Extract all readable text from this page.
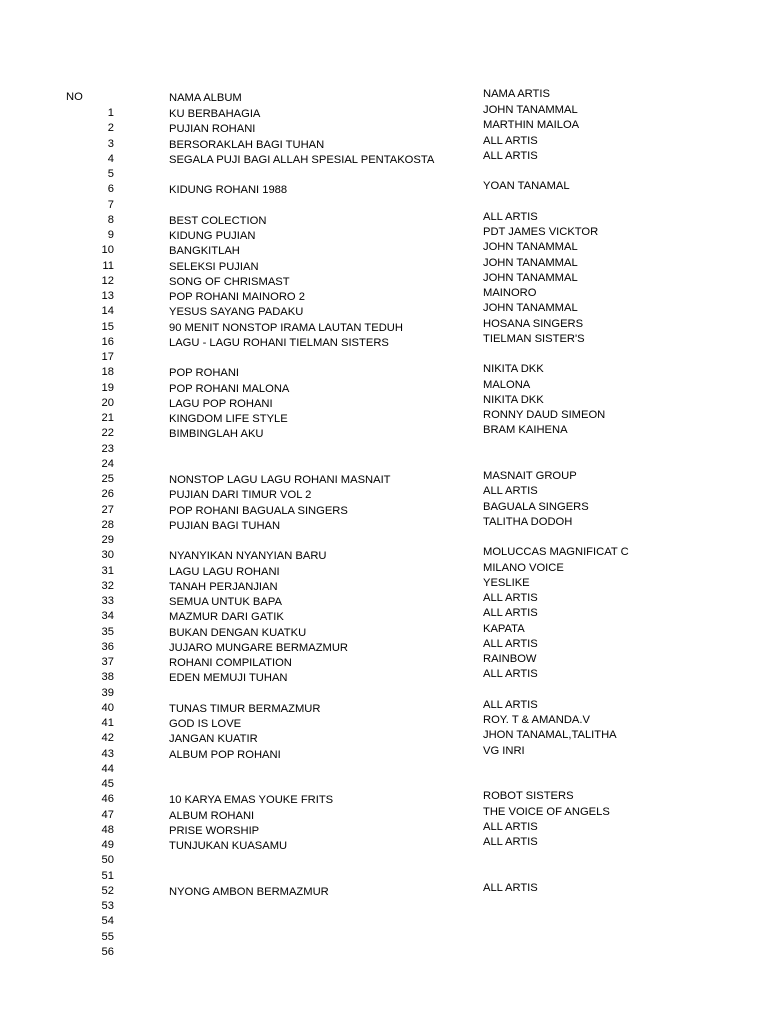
NO	NAMA ALBUM	NAMA ARTIS
1	KU BERBAHAGIA	JOHN TANAMMAL
2	PUJIAN ROHANI	MARTHIN MAILOA
3	BERSORAKLAH BAGI TUHAN	ALL ARTIS
4	SEGALA PUJI BAGI ALLAH SPESIAL PENTAKOSTA	ALL ARTIS
5
6	KIDUNG ROHANI 1988	YOAN TANAMAL
7
8	BEST COLECTION	ALL ARTIS
9	KIDUNG PUJIAN	PDT JAMES VICKTOR
10	BANGKITLAH	JOHN TANAMMAL
11	SELEKSI PUJIAN	JOHN TANAMMAL
12	SONG OF CHRISMAST	JOHN TANAMMAL
13	POP ROHANI MAINORO 2	MAINORO
14	YESUS SAYANG PADAKU	JOHN TANAMMAL
15	90 MENIT NONSTOP IRAMA LAUTAN TEDUH	HOSANA SINGERS
16	LAGU - LAGU ROHANI TIELMAN SISTERS	TIELMAN SISTER'S
17
18	POP ROHANI	NIKITA DKK
19	POP ROHANI MALONA	MALONA
20	LAGU POP ROHANI	NIKITA DKK
21	KINGDOM LIFE STYLE	RONNY DAUD SIMEON
22	BIMBINGLAH AKU	BRAM KAIHENA
23
24
25	NONSTOP LAGU LAGU ROHANI MASNAIT	MASNAIT GROUP
26	PUJIAN DARI TIMUR VOL 2	ALL ARTIS
27	POP ROHANI BAGUALA SINGERS	BAGUALA SINGERS
28	PUJIAN BAGI TUHAN	TALITHA DODOH
29
30	NYANYIKAN NYANYIAN BARU	MOLUCCAS MAGNIFICAT C
31	LAGU LAGU ROHANI	MILANO VOICE
32	TANAH PERJANJIAN	YESLIKE
33	SEMUA UNTUK BAPA	ALL ARTIS
34	MAZMUR DARI GATIK	ALL ARTIS
35	BUKAN DENGAN KUATKU	KAPATA
36	JUJARO MUNGARE BERMAZMUR	ALL ARTIS
37	ROHANI COMPILATION	RAINBOW
38	EDEN MEMUJI TUHAN	ALL ARTIS
39
40	TUNAS TIMUR BERMAZMUR	ALL ARTIS
41	GOD IS LOVE	ROY. T & AMANDA.V
42	JANGAN KUATIR	JHON TANAMAL,TALITHA
43	ALBUM POP ROHANI	VG INRI
44
45
46	10 KARYA EMAS YOUKE FRITS	ROBOT SISTERS
47	ALBUM ROHANI	THE VOICE OF ANGELS
48	PRISE WORSHIP	ALL ARTIS
49	TUNJUKAN KUASAMU	ALL ARTIS
50
51
52	NYONG AMBON BERMAZMUR	ALL ARTIS
53
54
55
56
